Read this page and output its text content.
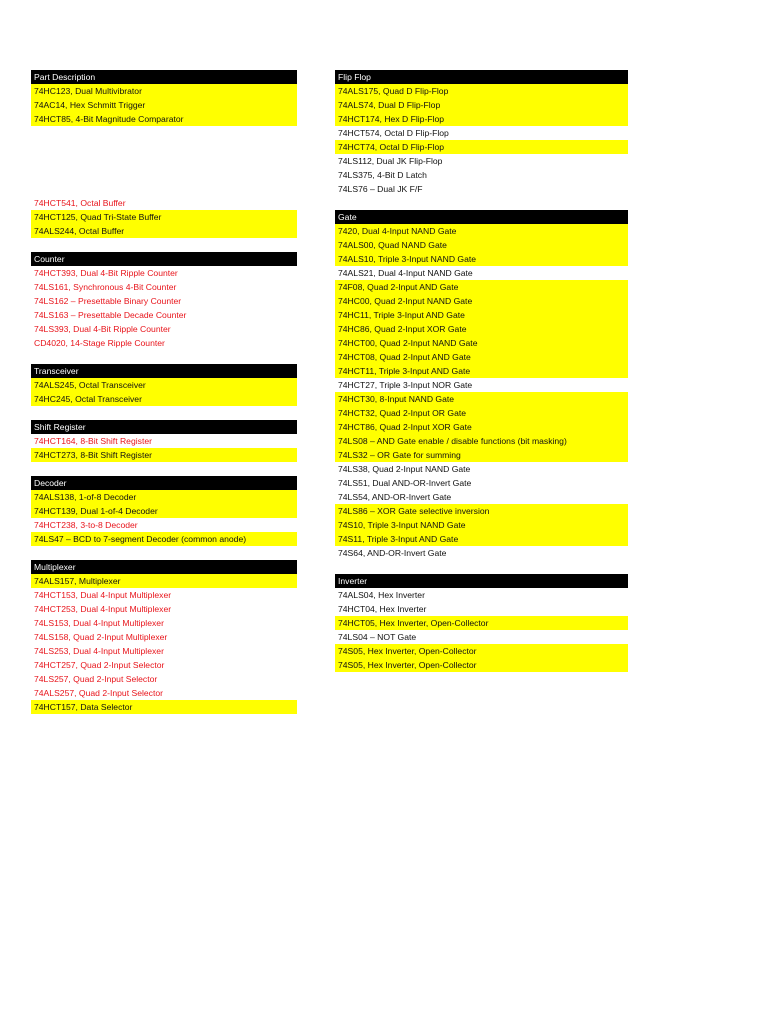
Part Description
74HC123, Dual Multivibrator
74AC14, Hex Schmitt Trigger
74HCT85, 4-Bit Magnitude Comparator
74HCT541, Octal Buffer
74HCT125, Quad Tri-State Buffer
74ALS244, Octal Buffer
Counter
74HCT393, Dual 4-Bit Ripple Counter
74LS161, Synchronous 4-Bit Counter
74LS162 – Presettable Binary Counter
74LS163 – Presettable Decade Counter
74LS393, Dual 4-Bit Ripple Counter
CD4020, 14-Stage Ripple Counter
Transceiver
74ALS245, Octal Transceiver
74HC245, Octal Transceiver
Shift Register
74HCT164, 8-Bit Shift Register
74HCT273, 8-Bit Shift Register
Decoder
74ALS138, 1-of-8 Decoder
74HCT139, Dual 1-of-4 Decoder
74HCT238, 3-to-8 Decoder
74LS47 – BCD to 7-segment Decoder (common anode)
Multiplexer
74ALS157, Multiplexer
74HCT153, Dual 4-Input Multiplexer
74HCT253, Dual 4-Input Multiplexer
74LS153, Dual 4-Input Multiplexer
74LS158, Quad 2-Input Multiplexer
74LS253, Dual 4-Input Multiplexer
74HCT257, Quad 2-Input Selector
74LS257, Quad 2-Input Selector
74ALS257, Quad 2-Input Selector
74HCT157, Data Selector
Flip Flop
74ALS175, Quad D Flip-Flop
74ALS74, Dual D Flip-Flop
74HCT174, Hex D Flip-Flop
74HCT574, Octal D Flip-Flop
74HCT74, Octal D Flip-Flop
74LS112, Dual JK Flip-Flop
74LS375, 4-Bit D Latch
74LS76 – Dual JK F/F
Gate
7420, Dual 4-Input NAND Gate
74ALS00, Quad NAND Gate
74ALS10, Triple 3-Input NAND Gate
74ALS21, Dual 4-Input NAND Gate
74F08, Quad 2-Input AND Gate
74HC00, Quad 2-Input NAND Gate
74HC11, Triple 3-Input AND Gate
74HC86, Quad 2-Input XOR Gate
74HCT00, Quad 2-Input NAND Gate
74HCT08, Quad 2-Input AND Gate
74HCT11, Triple 3-Input AND Gate
74HCT27, Triple 3-Input NOR Gate
74HCT30, 8-Input NAND Gate
74HCT32, Quad 2-Input OR Gate
74HCT86, Quad 2-Input XOR Gate
74LS08 – AND Gate enable / disable functions (bit masking)
74LS32 – OR Gate for summing
74LS38, Quad 2-Input NAND Gate
74LS51, Dual AND-OR-Invert Gate
74LS54, AND-OR-Invert Gate
74LS86 – XOR Gate selective inversion
74S10, Triple 3-Input NAND Gate
74S11, Triple 3-Input AND Gate
74S64, AND-OR-Invert Gate
Inverter
74ALS04, Hex Inverter
74HCT04, Hex Inverter
74HCT05, Hex Inverter, Open-Collector
74LS04 – NOT Gate
74S05, Hex Inverter, Open-Collector
74S05, Hex Inverter, Open-Collector
